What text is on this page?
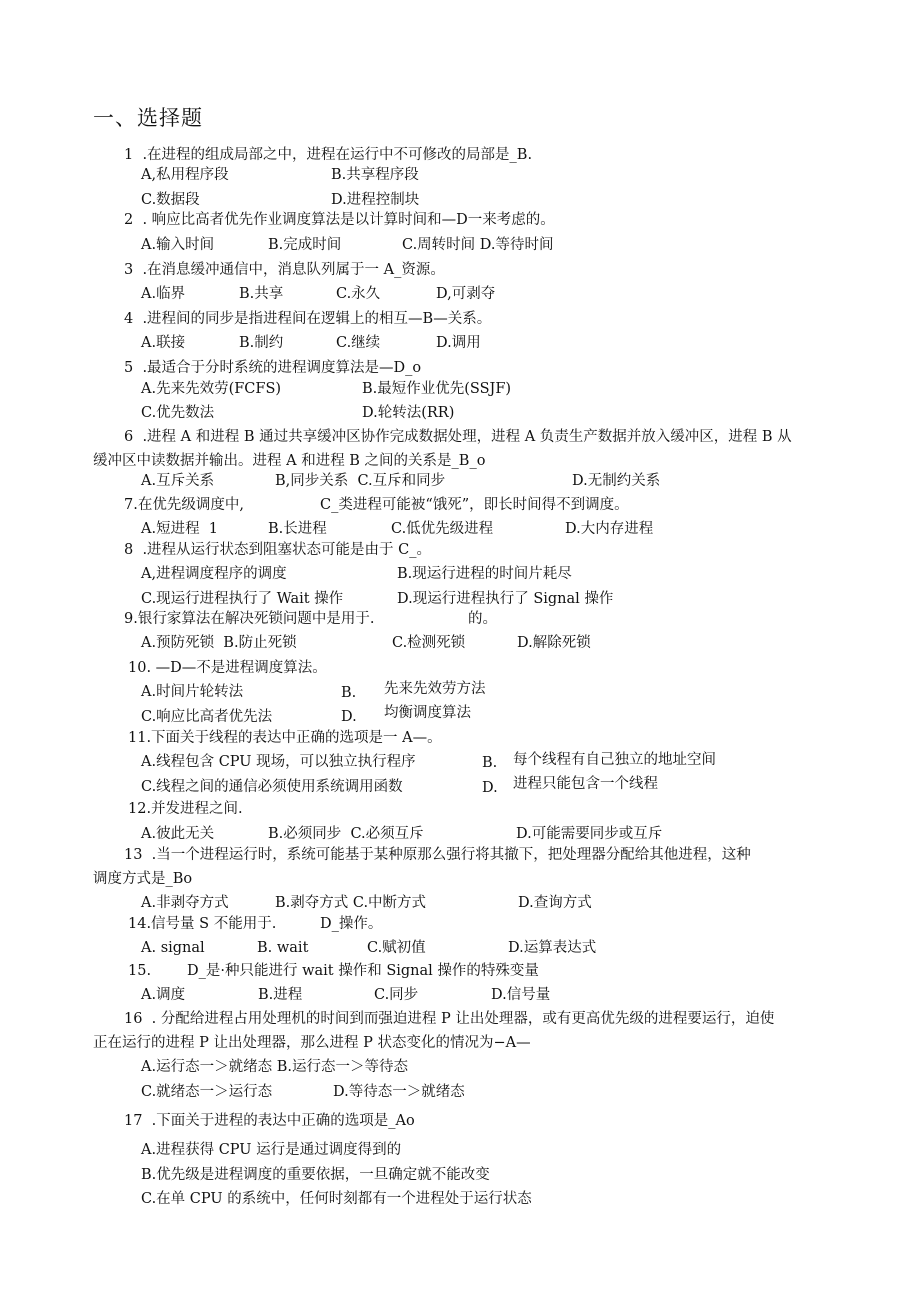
一、选择题
1  .在进程的组成局部之中，进程在运行中不可修改的局部是_B.
A,私用程序段	B.共享程序段
C.数据段	D.进程控制块
2  . 响应比高者优先作业调度算法是以计算时间和—D一来考虑的。
A.输入时间	B.完成时间	C.周转时间 D.等待时间
3  .在消息缓冲通信中，消息队列属于一 A_资源。
A.临界	B.共享	C.永久	D,可剥夺
4  .进程间的同步是指进程间在逻辑上的相互—B—关系。
A.联接	B.制约	C.继续	D.调用
5  .最适合于分时系统的进程调度算法是—D_o
A.先来先效劳(FCFS)	B.最短作业优先(SSJF)
C.优先数法	D.轮转法(RR)
6  .进程 A 和进程 B 通过共享缓冲区协作完成数据处理，进程 A 负责生产数据并放入缓冲区，进程 B 从
缓冲区中读数据并输出。进程 A 和进程 B 之间的关系是_B_o
A.互斥关系	B,同步关系  C.互斥和同步	D.无制约关系
7.在优先级调度中,	C_类进程可能被“饿死”，即长时间得不到调度。
A.短进程  1	B.长进程	C.低优先级进程	D.大内存进程
8  .进程从运行状态到阻塞状态可能是由于 C_。
A,进程调度程序的调度	B.现运行进程的时间片耗尽
C.现运行进程执行了 Wait 操作	D.现运行进程执行了 Signal 操作
9.银行家算法在解决死锁问题中是用于.	的。
A.预防死锁  B.防止死锁	C.检测死锁	D.解除死锁
10. —D—不是进程调度算法。
A.时间片轮转法	B. 先来先效劳方法
C.响应比高者优先法	D. 均衡调度算法
11.下面关于线程的表达中正确的选项是一 A—。
A.线程包含 CPU 现场，可以独立执行程序	B. 每个线程有自己独立的地址空间
C.线程之间的通信必须使用系统调用函数	D. 进程只能包含一个线程
12.并发进程之间.
A.彼此无关	B.必须同步  C.必须互斥	D.可能需要同步或互斥
13  .当一个进程运行时，系统可能基于某种原那么强行将其撤下，把处理器分配给其他进程，这种
调度方式是_Bo
A.非剥夺方式	B.剥夺方式 C.中断方式	D.查询方式
14.信号量 S 不能用于.	D_操作。
A. signal	B. wait	C.赋初值	D.运算表达式
15. D_是·种只能进行 wait 操作和 Signal 操作的特殊变量
A.调度	B.进程	C.同步	D.信号量
16  . 分配给进程占用处理机的时间到而强迫进程 P 让出处理器，或有更高优先级的进程要运行，迫使
正在运行的进程 P 让出处理器，那么进程 P 状态变化的情况为−A—
A.运行态一＞就绪态 B.运行态一＞等待态
C.就绪态一＞运行态	D.等待态一＞就绪态
17  .下面关于进程的表达中正确的选项是_Ao
A.进程获得 CPU 运行是通过调度得到的
B.优先级是进程调度的重要依据，一旦确定就不能改变
C.在单 CPU 的系统中，任何时刻都有一个进程处于运行状态
